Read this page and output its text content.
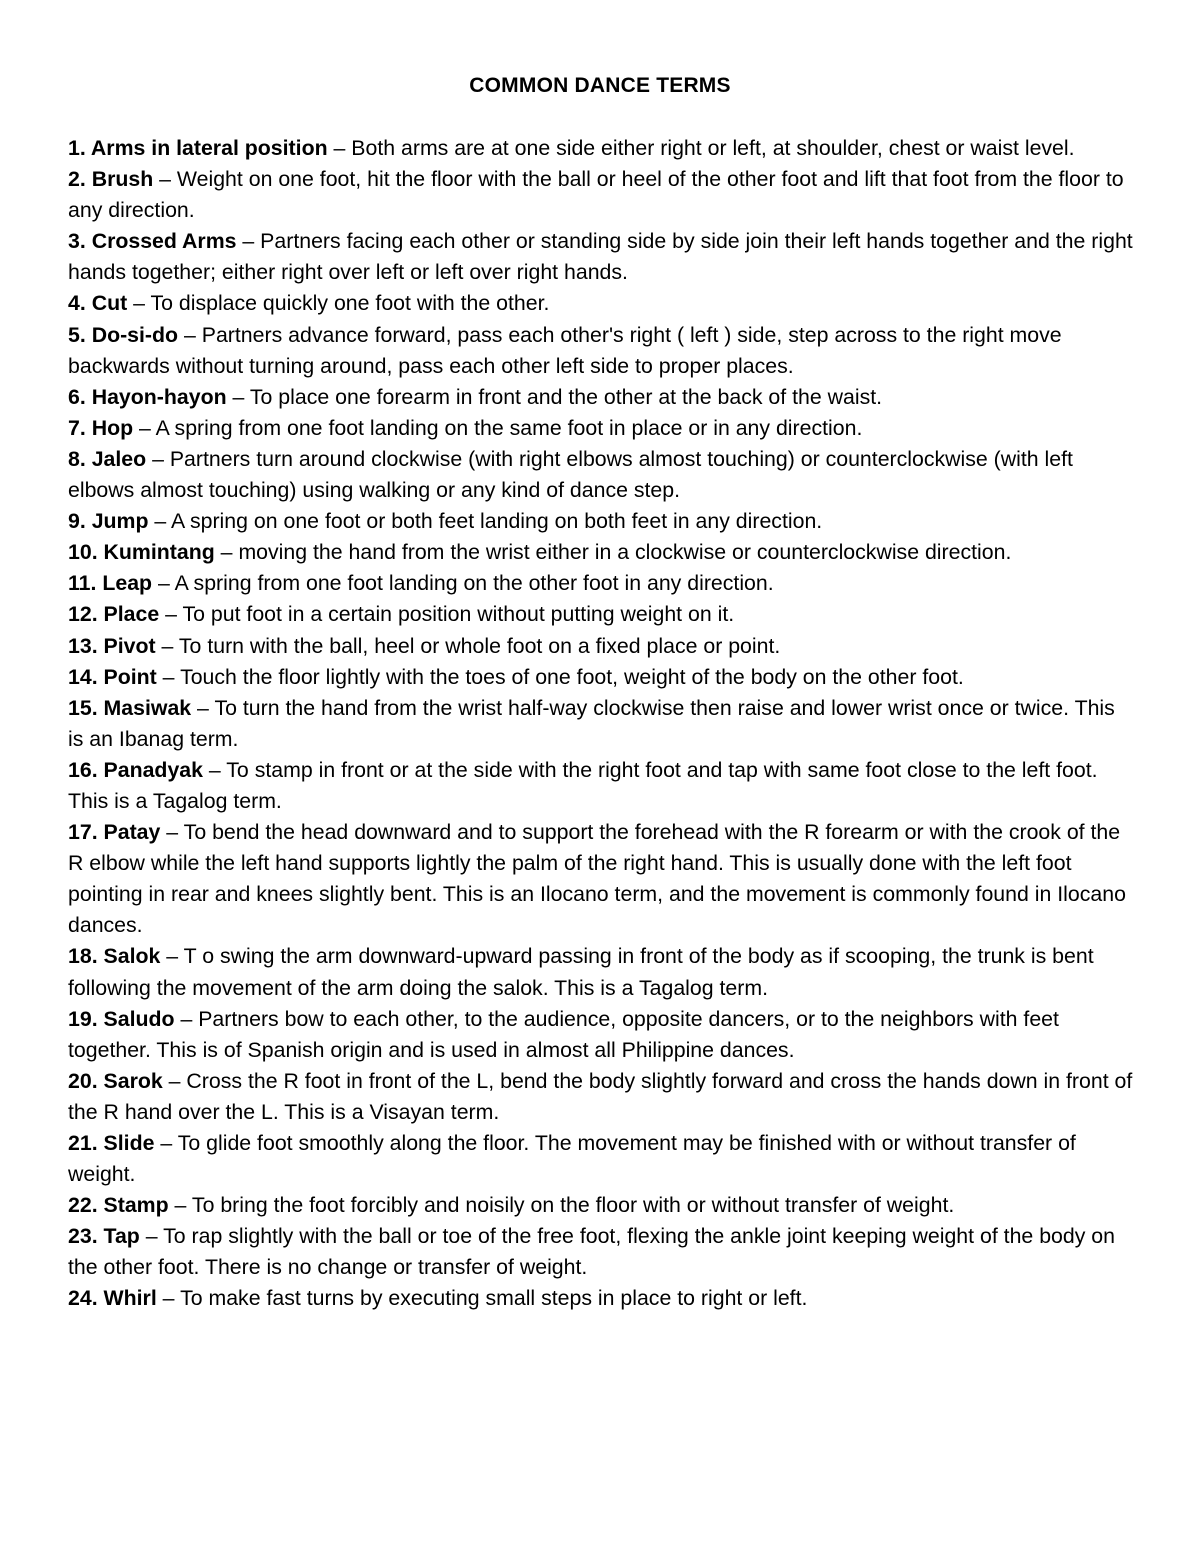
COMMON DANCE TERMS

1. Arms in lateral position – Both arms are at one side either right or left, at shoulder, chest or waist level.

2. Brush – Weight on one foot, hit the floor with the ball or heel of the other foot and lift that foot from the floor to any direction.

3. Crossed Arms – Partners facing each other or standing side by side join their left hands together and the right hands together; either right over left or left over right hands.

4. Cut – To displace quickly one foot with the other.

5. Do-si-do – Partners advance forward, pass each other's right ( left ) side, step across to the right move backwards without turning around, pass each other left side to proper places.

6. Hayon-hayon – To place one forearm in front and the other at the back of the waist.

7. Hop – A spring from one foot landing on the same foot in place or in any direction.

8. Jaleo – Partners turn around clockwise (with right elbows almost touching) or counterclockwise (with left elbows almost touching) using walking or any kind of dance step.

9. Jump – A spring on one foot or both feet landing on both feet in any direction.

10. Kumintang – moving the hand from the wrist either in a clockwise or counterclockwise direction.

11. Leap – A spring from one foot landing on the other foot in any direction.

12. Place – To put foot in a certain position without putting weight on it.

13. Pivot – To turn with the ball, heel or whole foot on a fixed place or point.

14. Point – Touch the floor lightly with the toes of one foot, weight of the body on the other foot.

15. Masiwak – To turn the hand from the wrist half-way clockwise then raise and lower wrist once or twice. This is an Ibanag term.

16. Panadyak – To stamp in front or at the side with the right foot and tap with same foot close to the left foot. This is a Tagalog term.

17. Patay – To bend the head downward and to support the forehead with the R forearm or with the crook of the R elbow while the left hand supports lightly the palm of the right hand. This is usually done with the left foot pointing in rear and knees slightly bent. This is an Ilocano term, and the movement is commonly found in Ilocano dances.

18. Salok – T o swing the arm downward-upward passing in front of the body as if scooping, the trunk is bent following the movement of the arm doing the salok. This is a Tagalog term.

19. Saludo – Partners bow to each other, to the audience, opposite dancers, or to the neighbors with feet together. This is of Spanish origin and is used in almost all Philippine dances.

20. Sarok – Cross the R foot in front of the L, bend the body slightly forward and cross the hands down in front of the R hand over the L. This is a Visayan term.

21. Slide – To glide foot smoothly along the floor. The movement may be finished with or without transfer of weight.

22. Stamp – To bring the foot forcibly and noisily on the floor with or without transfer of weight.

23. Tap – To rap slightly with the ball or toe of the free foot, flexing the ankle joint keeping weight of the body on the other foot. There is no change or transfer of weight.

24. Whirl – To make fast turns by executing small steps in place to right or left.
